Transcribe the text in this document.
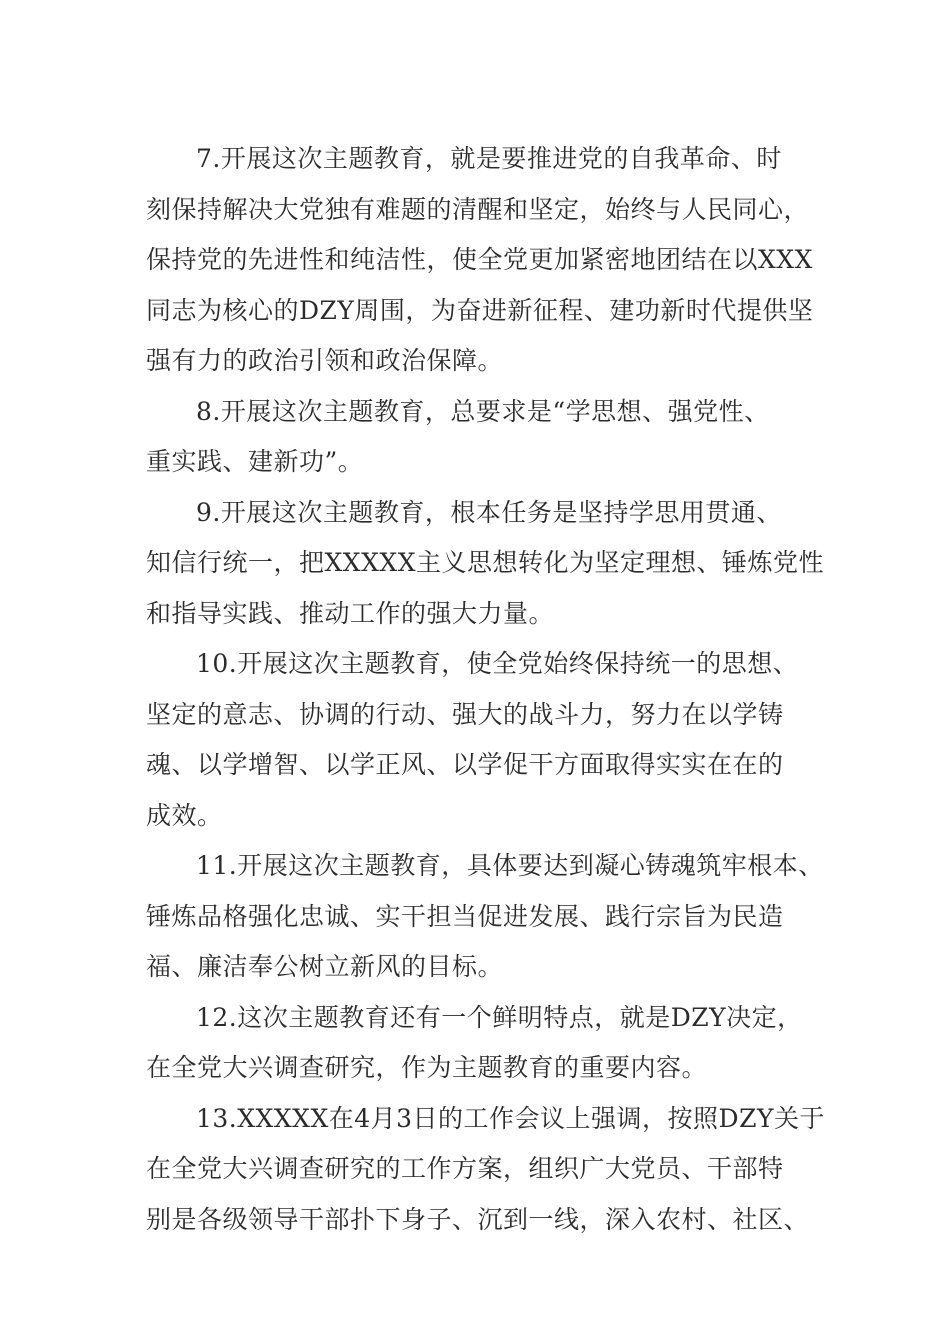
7.开展这次主题教育，就是要推进党的自我革命、时
刻保持解决大党独有难题的清醒和坚定，始终与人民同心，
保持党的先进性和纯洁性，使全党更加紧密地团结在以XXX
同志为核心的DZY周围，为奋进新征程、建功新时代提供坚
强有力的政治引领和政治保障。
8.开展这次主题教育，总要求是“学思想、强党性、
重实践、建新功”。
9.开展这次主题教育，根本任务是坚持学思用贯通、
知信行统一，把XXXXX主义思想转化为坚定理想、锤炼党性
和指导实践、推动工作的强大力量。
10.开展这次主题教育，使全党始终保持统一的思想、
坚定的意志、协调的行动、强大的战斗力，努力在以学铸
魂、以学增智、以学正风、以学促干方面取得实实在在的
成效。
11.开展这次主题教育，具体要达到凝心铸魂筑牢根本、
锤炼品格强化忠诚、实干担当促进发展、践行宗旨为民造
福、廉洁奉公树立新风的目标。
12.这次主题教育还有一个鲜明特点，就是DZY决定，
在全党大兴调查研究，作为主题教育的重要内容。
13.XXXXX在4月3日的工作会议上强调，按照DZY关于
在全党大兴调查研究的工作方案，组织广大党员、干部特
别是各级领导干部扑下身子、沉到一线，深入农村、社区、
